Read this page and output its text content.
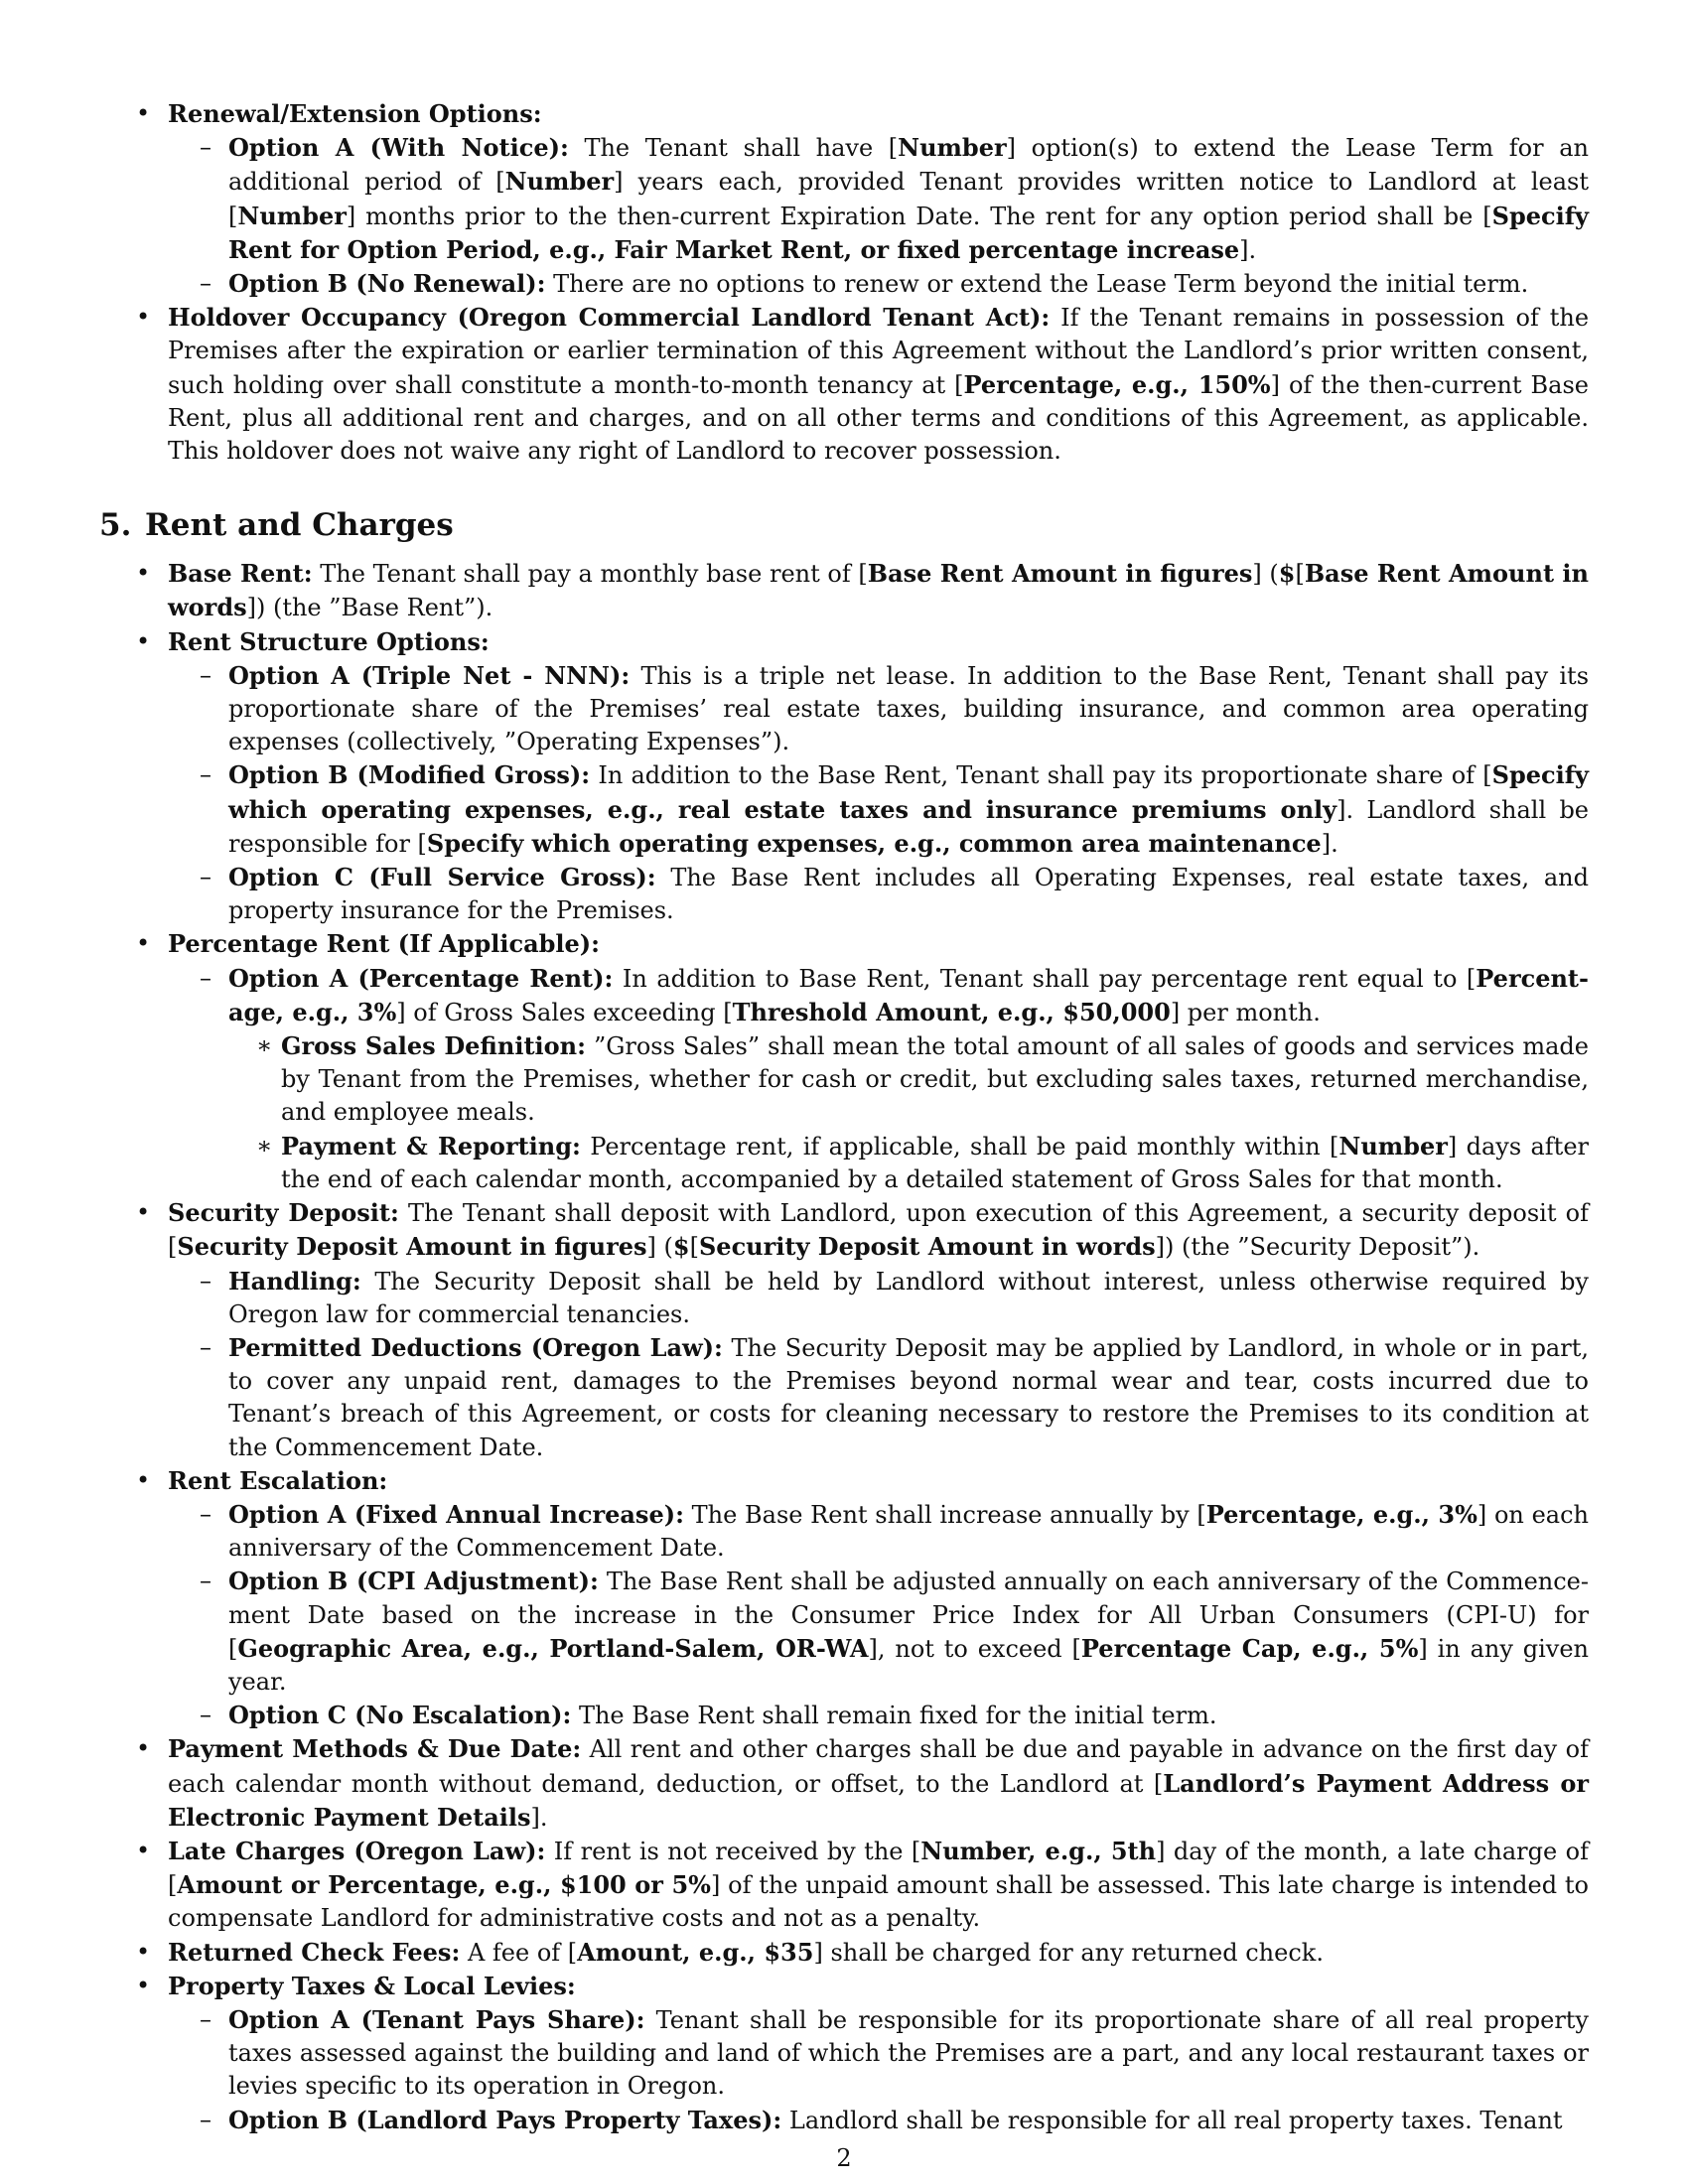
• Renewal/Extension Options:
– Option A (With Notice): The Tenant shall have [Number] option(s) to extend the Lease Term for an additional period of [Number] years each, provided Tenant provides written notice to Landlord at least [Number] months prior to the then-current Expiration Date. The rent for any option period shall be [Specify Rent for Option Period, e.g., Fair Market Rent, or fixed percentage increase].
– Option B (No Renewal): There are no options to renew or extend the Lease Term beyond the initial term.
• Holdover Occupancy (Oregon Commercial Landlord Tenant Act): If the Tenant remains in possession of the Premises after the expiration or earlier termination of this Agreement without the Landlord’s prior written consent, such holding over shall constitute a month-to-month tenancy at [Percentage, e.g., 150%] of the then-current Base Rent, plus all additional rent and charges, and on all other terms and conditions of this Agreement, as applicable. This holdover does not waive any right of Landlord to recover possession.
5. Rent and Charges
• Base Rent: The Tenant shall pay a monthly base rent of [Base Rent Amount in figures] ($[Base Rent Amount in words]) (the ”Base Rent”).
• Rent Structure Options:
– Option A (Triple Net - NNN): This is a triple net lease. In addition to the Base Rent, Tenant shall pay its proportionate share of the Premises’ real estate taxes, building insurance, and common area operating expenses (collectively, ”Operating Expenses”).
– Option B (Modified Gross): In addition to the Base Rent, Tenant shall pay its proportionate share of [Specify which operating expenses, e.g., real estate taxes and insurance premiums only]. Landlord shall be responsible for [Specify which operating expenses, e.g., common area maintenance].
– Option C (Full Service Gross): The Base Rent includes all Operating Expenses, real estate taxes, and property insurance for the Premises.
• Percentage Rent (If Applicable):
– Option A (Percentage Rent): In addition to Base Rent, Tenant shall pay percentage rent equal to [Percent-age, e.g., 3%] of Gross Sales exceeding [Threshold Amount, e.g., $50,000] per month.
∗ Gross Sales Definition: ”Gross Sales” shall mean the total amount of all sales of goods and services made by Tenant from the Premises, whether for cash or credit, but excluding sales taxes, returned merchandise, and employee meals.
∗ Payment & Reporting: Percentage rent, if applicable, shall be paid monthly within [Number] days after the end of each calendar month, accompanied by a detailed statement of Gross Sales for that month.
• Security Deposit: The Tenant shall deposit with Landlord, upon execution of this Agreement, a security deposit of [Security Deposit Amount in figures] ($[Security Deposit Amount in words]) (the ”Security Deposit”).
– Handling: The Security Deposit shall be held by Landlord without interest, unless otherwise required by Oregon law for commercial tenancies.
– Permitted Deductions (Oregon Law): The Security Deposit may be applied by Landlord, in whole or in part, to cover any unpaid rent, damages to the Premises beyond normal wear and tear, costs incurred due to Tenant’s breach of this Agreement, or costs for cleaning necessary to restore the Premises to its condition at the Commencement Date.
• Rent Escalation:
– Option A (Fixed Annual Increase): The Base Rent shall increase annually by [Percentage, e.g., 3%] on each anniversary of the Commencement Date.
– Option B (CPI Adjustment): The Base Rent shall be adjusted annually on each anniversary of the Commence-ment Date based on the increase in the Consumer Price Index for All Urban Consumers (CPI-U) for [Geographic Area, e.g., Portland-Salem, OR-WA], not to exceed [Percentage Cap, e.g., 5%] in any given year.
– Option C (No Escalation): The Base Rent shall remain fixed for the initial term.
• Payment Methods & Due Date: All rent and other charges shall be due and payable in advance on the first day of each calendar month without demand, deduction, or offset, to the Landlord at [Landlord’s Payment Address or Electronic Payment Details].
• Late Charges (Oregon Law): If rent is not received by the [Number, e.g., 5th] day of the month, a late charge of [Amount or Percentage, e.g., $100 or 5%] of the unpaid amount shall be assessed. This late charge is intended to compensate Landlord for administrative costs and not as a penalty.
• Returned Check Fees: A fee of [Amount, e.g., $35] shall be charged for any returned check.
• Property Taxes & Local Levies:
– Option A (Tenant Pays Share): Tenant shall be responsible for its proportionate share of all real property taxes assessed against the building and land of which the Premises are a part, and any local restaurant taxes or levies specific to its operation in Oregon.
– Option B (Landlord Pays Property Taxes): Landlord shall be responsible for all real property taxes. Tenant
2
